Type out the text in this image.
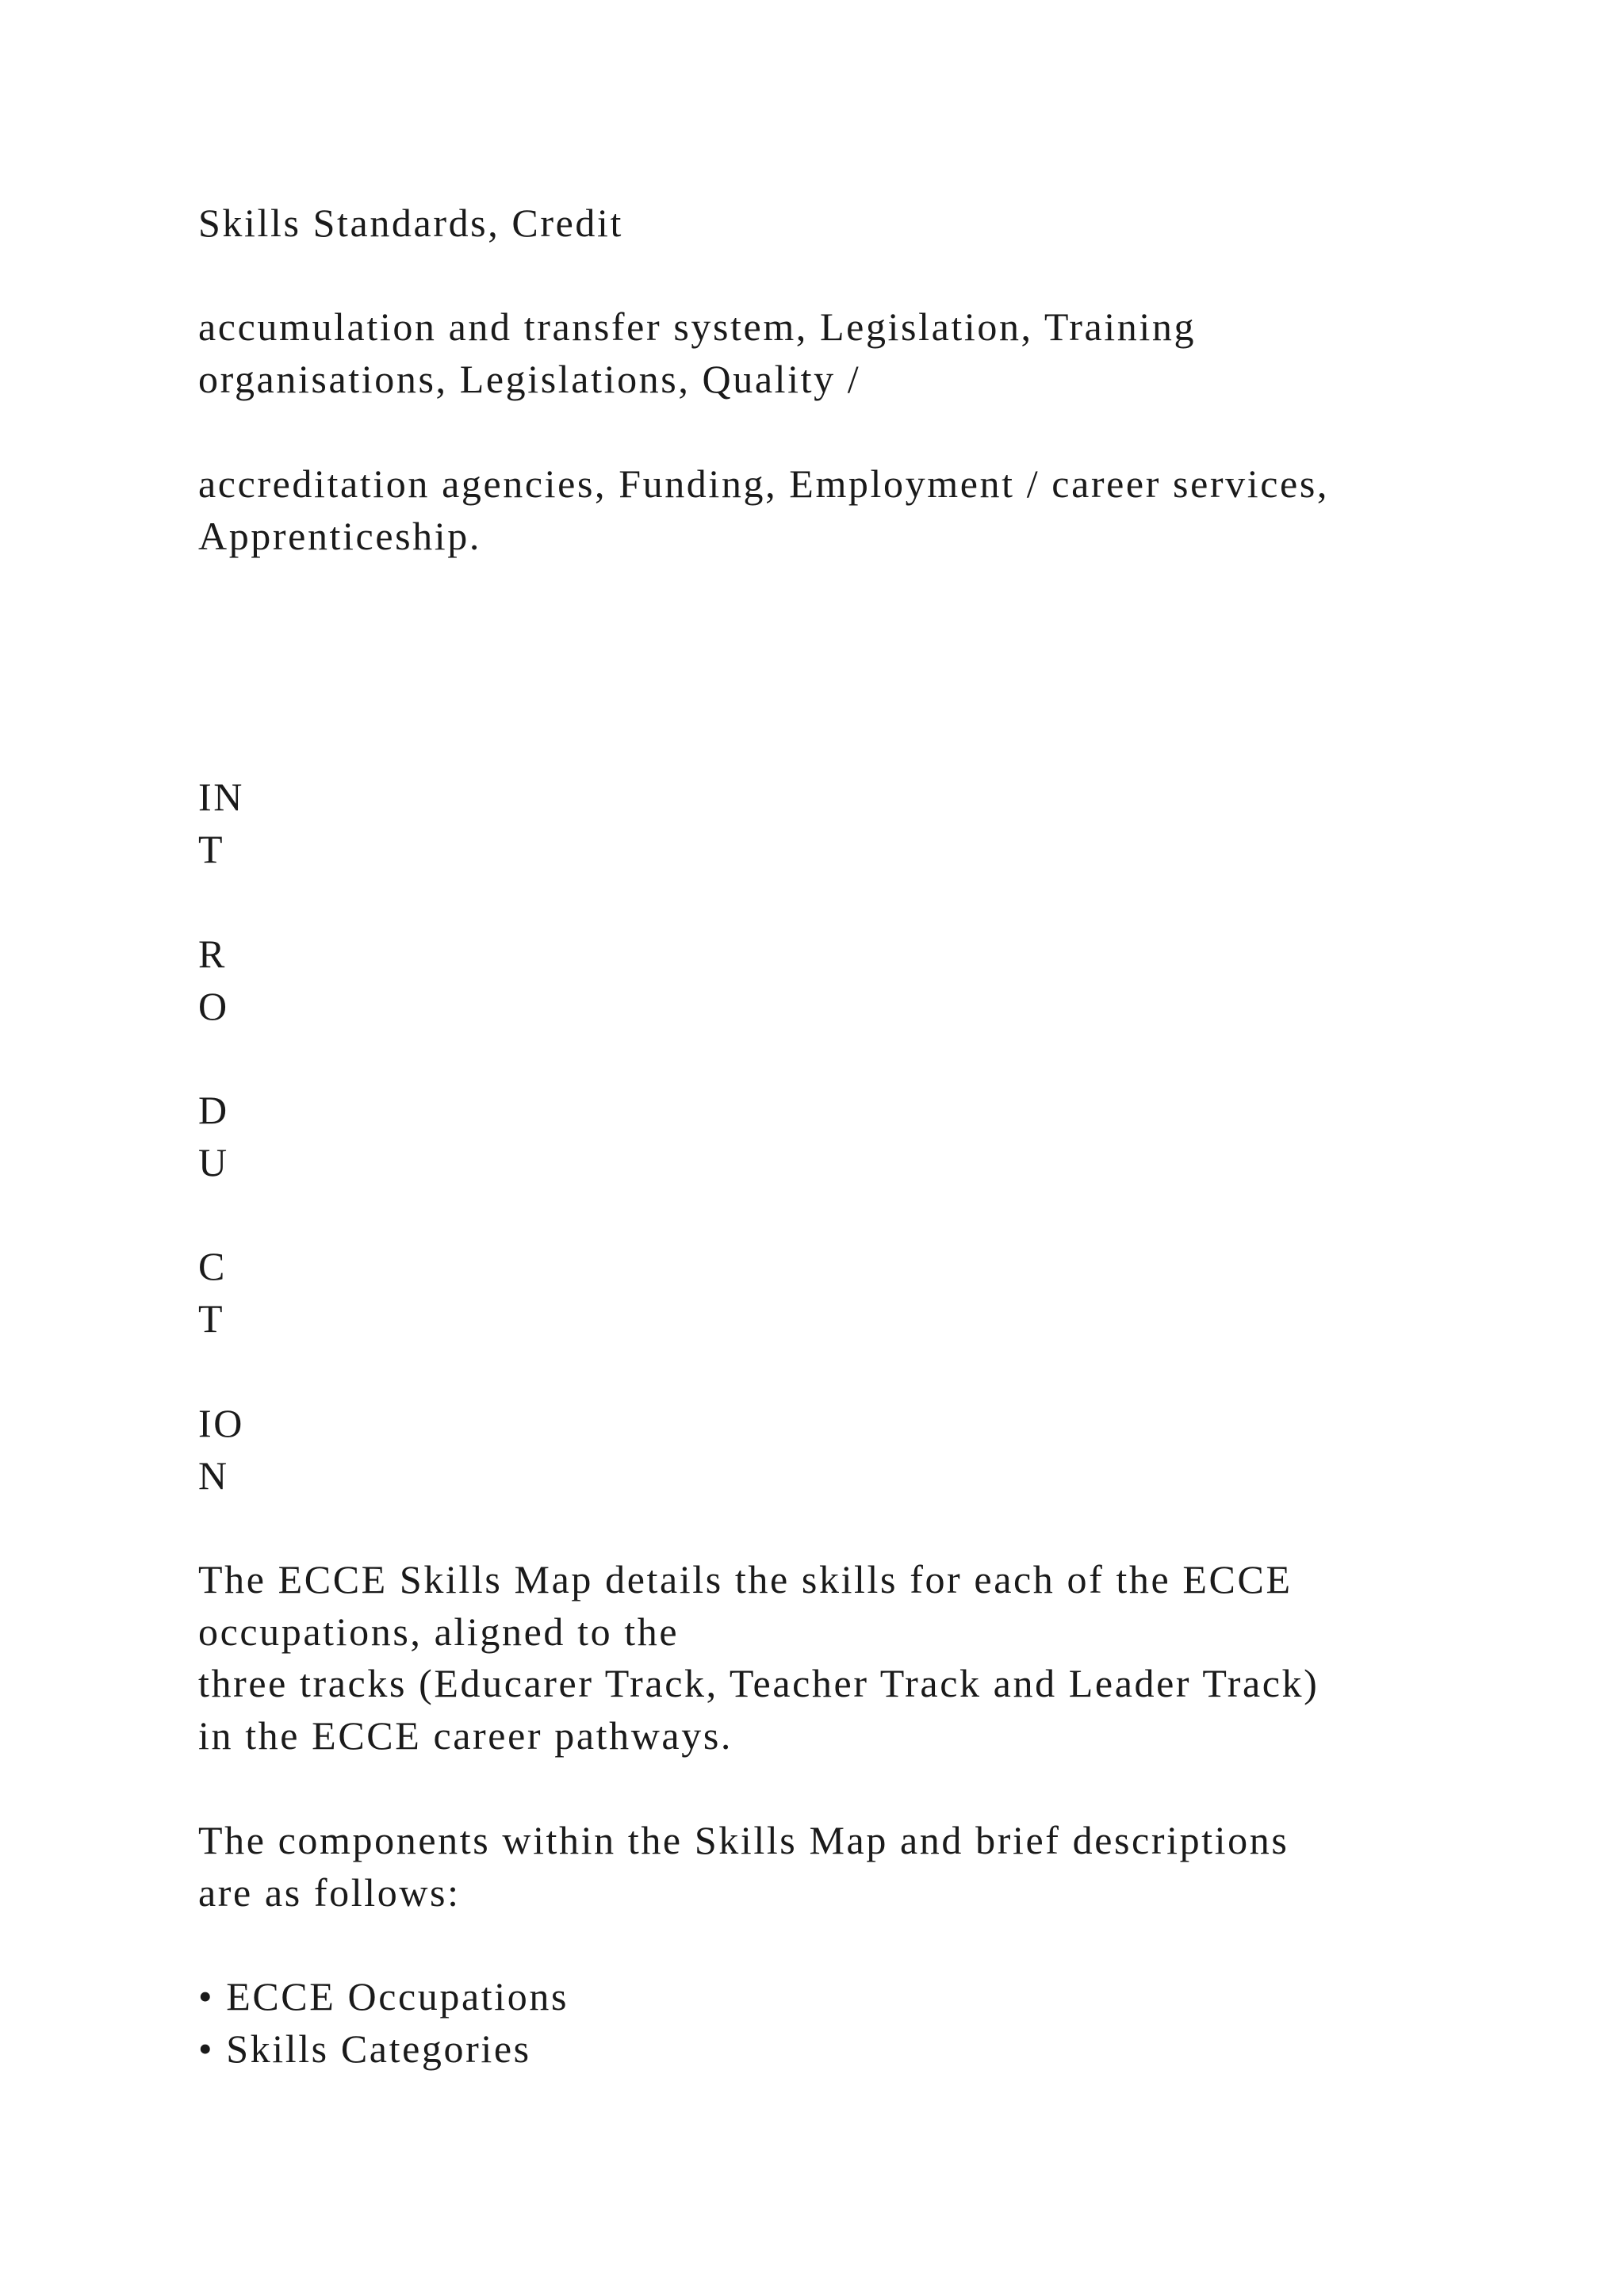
Skills Standards, Credit
accumulation and transfer system, Legislation, Training
organisations, Legislations, Quality /
accreditation agencies, Funding, Employment / career services,
Apprenticeship.
IN
T
R
O
D
U
C
T
IO
N
The ECCE Skills Map details the skills for each of the ECCE
occupations, aligned to the
three tracks (Educarer Track, Teacher Track and Leader Track)
in the ECCE career pathways.
The components within the Skills Map and brief descriptions
are as follows:
• ECCE Occupations
• Skills Categories
